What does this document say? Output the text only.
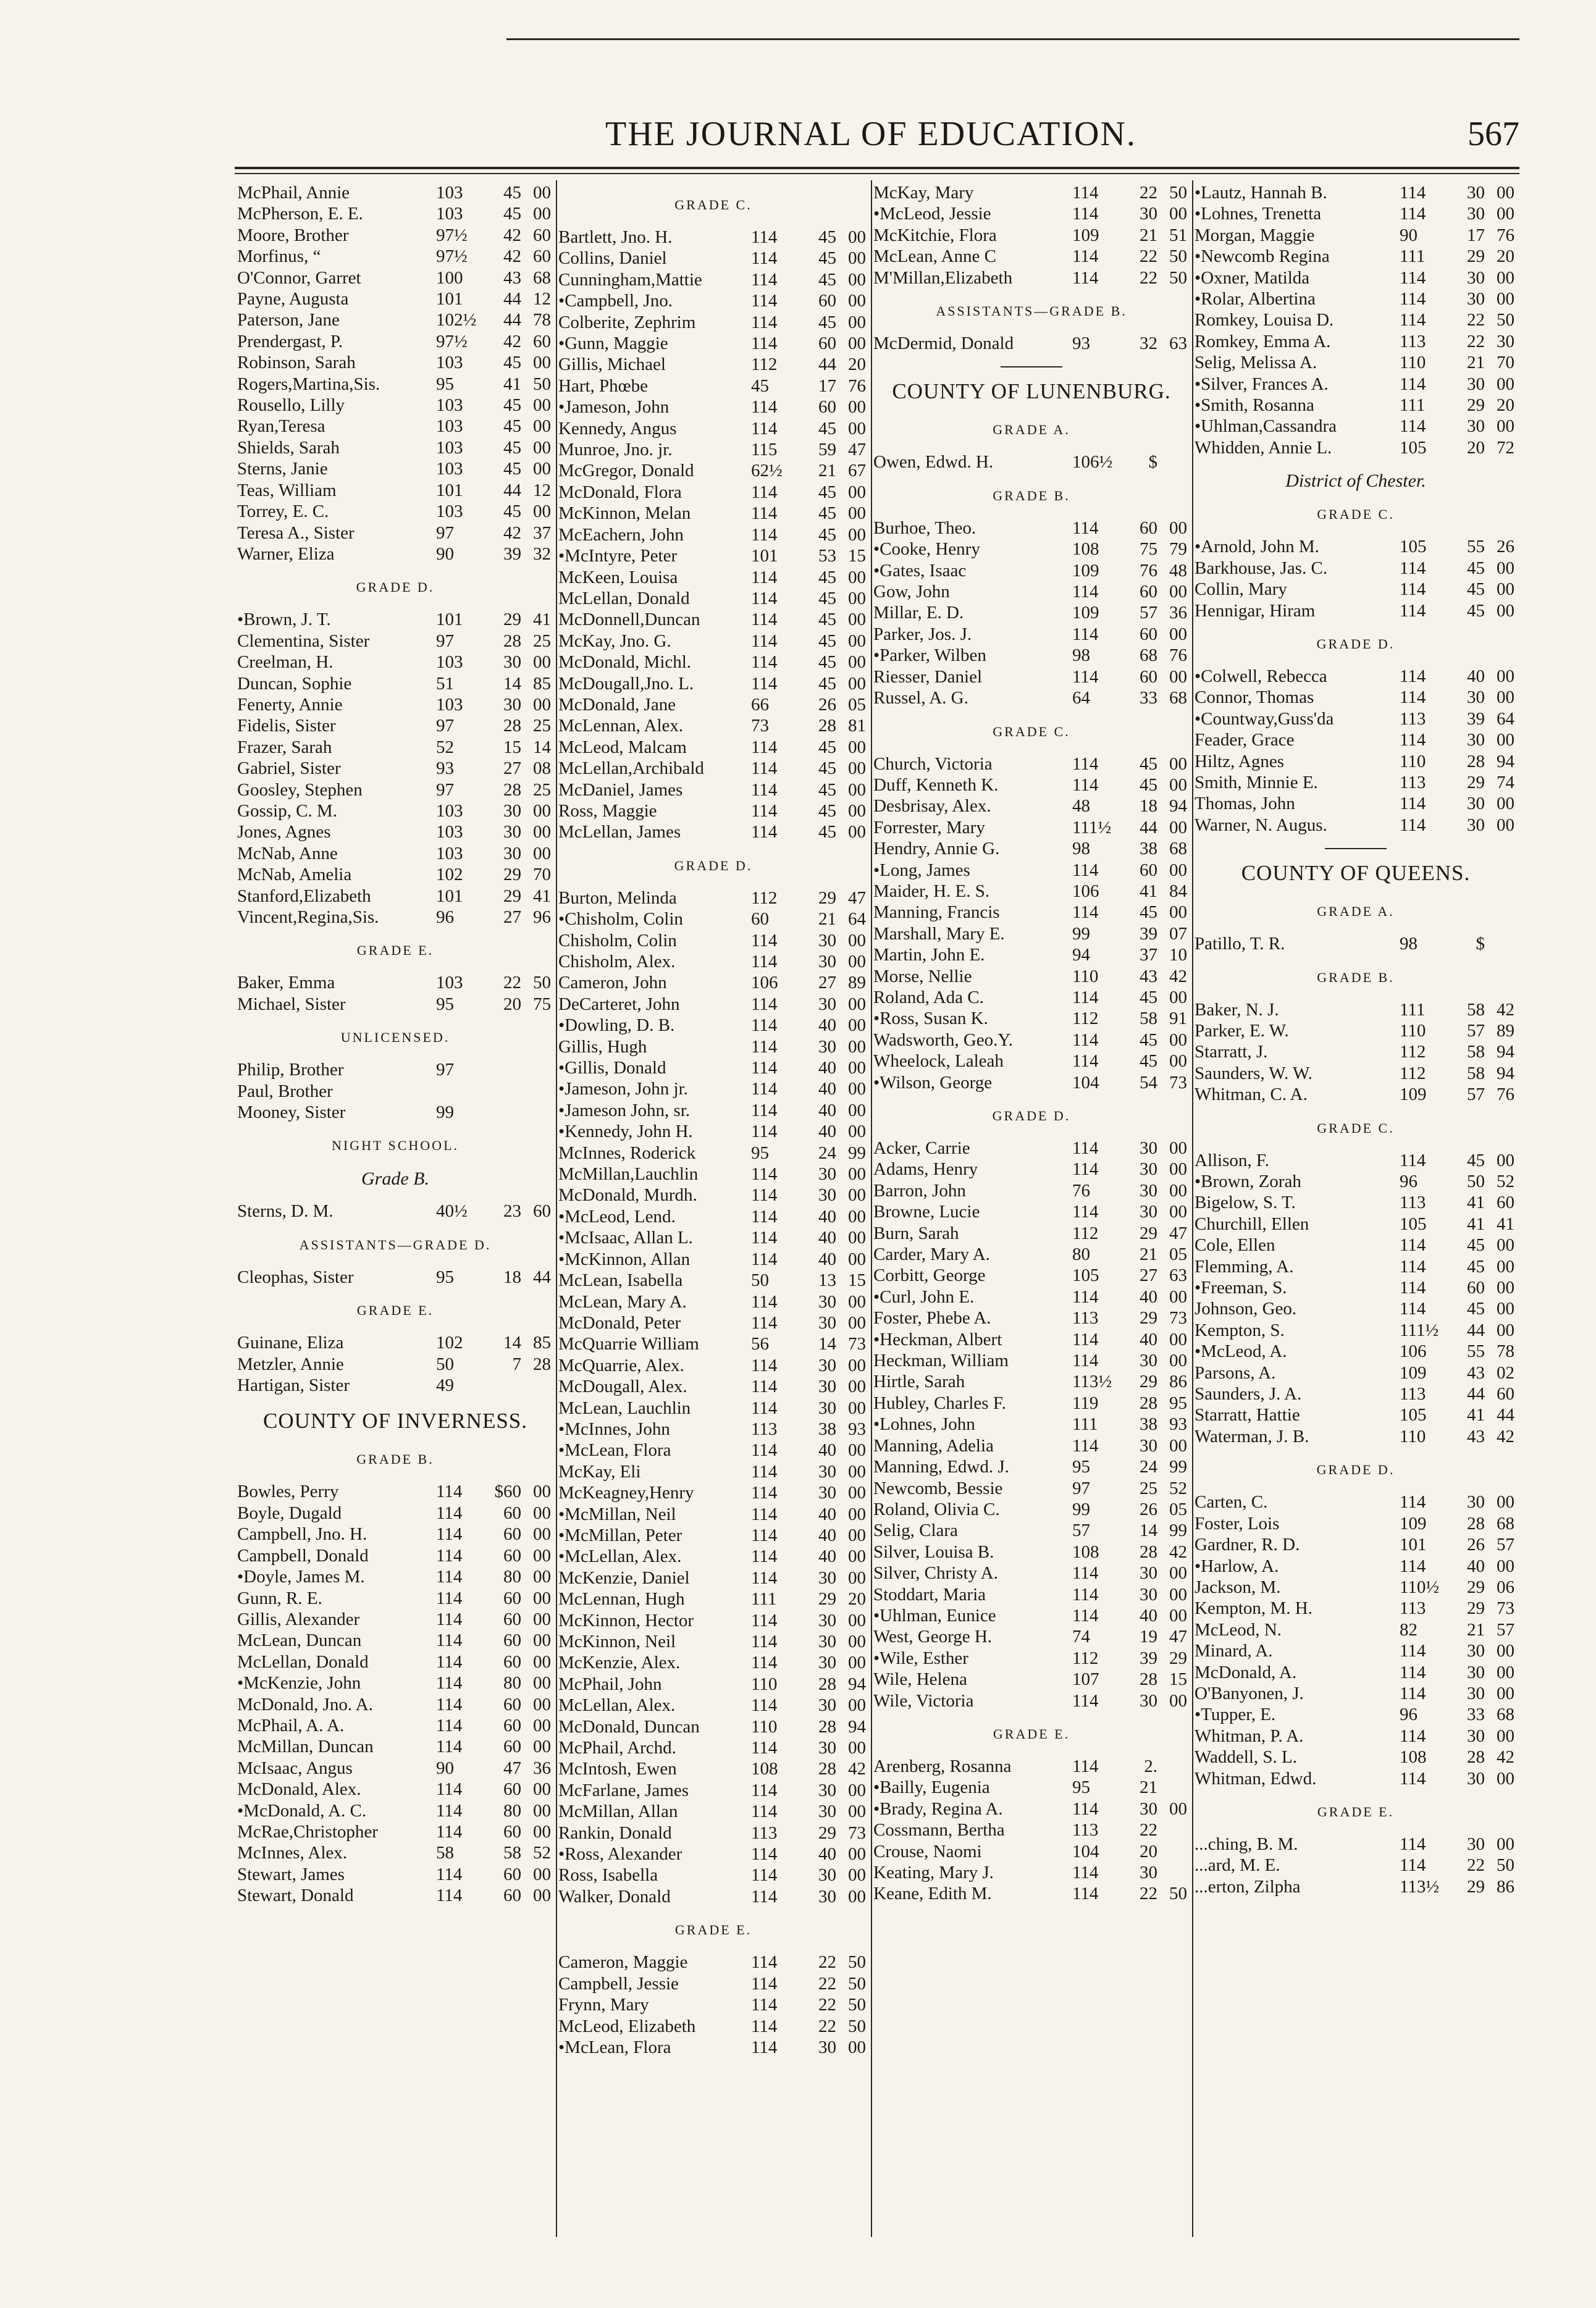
THE JOURNAL OF EDUCATION.	567
McPhail, Annie	103	45 00
McPherson, E. E.	103	45 00
Moore, Brother	97½	42 60
Morfinus, “	97½	42 60
O'Connor, Garret	100	43 68
Payne, Augusta	101	44 12
Paterson, Jane	102½	44 78
Prendergast, P.	97½	42 60
Robinson, Sarah	103	45 00
Rogers,Martina,Sis.	95	41 50
Rousello, Lilly	103	45 00
Ryan,Teresa	103	45 00
Shields, Sarah	103	45 00
Sterns, Janie	103	45 00
Teas, William	101	44 12
Torrey, E. C.	103	45 00
Teresa A., Sister	97	42 37
Warner, Eliza	90	39 32
GRADE D.
•Brown, J. T.	101	29 41
Clementina, Sister	97	28 25
Creelman, H.	103	30 00
Duncan, Sophie	51	14 85
Fenerty, Annie	103	30 00
Fidelis, Sister	97	28 25
Frazer, Sarah	52	15 14
Gabriel, Sister	93	27 08
Goosley, Stephen	97	28 25
Gossip, C. M.	103	30 00
Jones, Agnes	103	30 00
McNab, Anne	103	30 00
McNab, Amelia	102	29 70
Stanford,Elizabeth	101	29 41
Vincent,Regina,Sis.	96	27 96
GRADE E.
Baker, Emma	103	22 50
Michael, Sister	95	20 75
UNLICENSED.
Philip, Brother	97
Paul, Brother
Mooney, Sister	99
NIGHT SCHOOL.
Grade B.
Sterns, D. M.	40½	23 60
ASSISTANTS—GRADE D.
Cleophas, Sister	95	18 44
GRADE E.
Guinane, Eliza	102	14 85
Metzler, Annie	50	7 28
Hartigan, Sister	49
COUNTY OF INVERNESS.
GRADE B.
Bowles, Perry	114	$60 00
Boyle, Dugald	114	60 00
Campbell, Jno. H.	114	60 00
Campbell, Donald	114	60 00
•Doyle, James M.	114	80 00
Gunn, R. E.	114	60 00
Gillis, Alexander	114	60 00
McLean, Duncan	114	60 00
McLellan, Donald	114	60 00
•McKenzie, John	114	80 00
McDonald, Jno. A.	114	60 00
McPhail, A. A.	114	60 00
McMillan, Duncan	114	60 00
McIsaac, Angus	90	47 36
McDonald, Alex.	114	60 00
•McDonald, A. C.	114	80 00
McRae,Christopher	114	60 00
McInnes, Alex.	58	58 52
Stewart, James	114	60 00
Stewart, Donald	114	60 00
GRADE C.
Bartlett, Jno. H.	114	45 00
Collins, Daniel	114	45 00
Cunningham,Mattie	114	45 00
•Campbell, Jno.	114	60 00
Colberite, Zephrim	114	45 00
•Gunn, Maggie	114	60 00
Gillis, Michael	112	44 20
Hart, Phœbe	45	17 76
•Jameson, John	114	60 00
Kennedy, Angus	114	45 00
Munroe, Jno. jr.	115	59 47
McGregor, Donald	62½	21 67
McDonald, Flora	114	45 00
McKinnon, Melan	114	45 00
McEachern, John	114	45 00
•McIntyre, Peter	101	53 15
McKeen, Louisa	114	45 00
McLellan, Donald	114	45 00
McDonnell,Duncan	114	45 00
McKay, Jno. G.	114	45 00
McDonald, Michl.	114	45 00
McDougall,Jno. L.	114	45 00
McDonald, Jane	66	26 05
McLennan, Alex.	73	28 81
McLeod, Malcam	114	45 00
McLellan,Archibald	114	45 00
McDaniel, James	114	45 00
Ross, Maggie	114	45 00
McLellan, James	114	45 00
GRADE D.
Burton, Melinda	112	29 47
•Chisholm, Colin	60	21 64
Chisholm, Colin	114	30 00
Chisholm, Alex.	114	30 00
Cameron, John	106	27 89
DeCarteret, John	114	30 00
•Dowling, D. B.	114	40 00
Gillis, Hugh	114	30 00
•Gillis, Donald	114	40 00
•Jameson, John jr.	114	40 00
•Jameson John, sr.	114	40 00
•Kennedy, John H.	114	40 00
McInnes, Roderick	95	24 99
McMillan,Lauchlin	114	30 00
McDonald, Murdh.	114	30 00
•McLeod, Lend.	114	40 00
•McIsaac, Allan L.	114	40 00
•McKinnon, Allan	114	40 00
McLean, Isabella	50	13 15
McLean, Mary A.	114	30 00
McDonald, Peter	114	30 00
McQuarrie William	56	14 73
McQuarrie, Alex.	114	30 00
McDougall, Alex.	114	30 00
McLean, Lauchlin	114	30 00
•McInnes, John	113	38 93
•McLean, Flora	114	40 00
McKay, Eli	114	30 00
McKeagney,Henry	114	30 00
•McMillan, Neil	114	40 00
•McMillan, Peter	114	40 00
•McLellan, Alex.	114	40 00
McKenzie, Daniel	114	30 00
McLennan, Hugh	111	29 20
McKinnon, Hector	114	30 00
McKinnon, Neil	114	30 00
McKenzie, Alex.	114	30 00
McPhail, John	110	28 94
McLellan, Alex.	114	30 00
McDonald, Duncan	110	28 94
McPhail, Archd.	114	30 00
McIntosh, Ewen	108	28 42
McFarlane, James	114	30 00
McMillan, Allan	114	30 00
Rankin, Donald	113	29 73
•Ross, Alexander	114	40 00
Ross, Isabella	114	30 00
Walker, Donald	114	30 00
GRADE E.
Cameron, Maggie	114	22 50
Campbell, Jessie	114	22 50
Frynn, Mary	114	22 50
McLeod, Elizabeth	114	22 50
•McLean, Flora	114	30 00
McKay, Mary	114	22 50
•McLeod, Jessie	114	30 00
McKitchie, Flora	109	21 51
McLean, Anne C	114	22 50
M'Millan,Elizabeth	114	22 50
ASSISTANTS—GRADE B.
McDermid, Donald	93	32 63
COUNTY OF LUNENBURG.
GRADE A.
Owen, Edwd. H.	106½	$
GRADE B.
Burhoe, Theo.	114	60 00
•Cooke, Henry	108	75 79
•Gates, Isaac	109	76 48
Gow, John	114	60 00
Millar, E. D.	109	57 36
Parker, Jos. J.	114	60 00
•Parker, Wilben	98	68 76
Riesser, Daniel	114	60 00
Russel, A. G.	64	33 68
GRADE C.
Church, Victoria	114	45 00
Duff, Kenneth K.	114	45 00
Desbrisay, Alex.	48	18 94
Forrester, Mary	111½	44 00
Hendry, Annie G.	98	38 68
•Long, James	114	60 00
Maider, H. E. S.	106	41 84
Manning, Francis	114	45 00
Marshall, Mary E.	99	39 07
Martin, John E.	94	37 10
Morse, Nellie	110	43 42
Roland, Ada C.	114	45 00
•Ross, Susan K.	112	58 91
Wadsworth, Geo.Y.	114	45 00
Wheelock, Laleah	114	45 00
•Wilson, George	104	54 73
GRADE D.
Acker, Carrie	114	30 00
Adams, Henry	114	30 00
Barron, John	76	30 00
Browne, Lucie	114	30 00
Burn, Sarah	112	29 47
Carder, Mary A.	80	21 05
Corbitt, George	105	27 63
•Curl, John E.	114	40 00
Foster, Phebe A.	113	29 73
•Heckman, Albert	114	40 00
Heckman, William	114	30 00
Hirtle, Sarah	113½	29 86
Hubley, Charles F.	119	28 95
•Lohnes, John	111	38 93
Manning, Adelia	114	30 00
Manning, Edwd. J.	95	24 99
Newcomb, Bessie	97	25 52
Roland, Olivia C.	99	26 05
Selig, Clara	57	14 99
Silver, Louisa B.	108	28 42
Silver, Christy A.	114	30 00
Stoddart, Maria	114	30 00
•Uhlman, Eunice	114	40 00
West, George H.	74	19 47
•Wile, Esther	112	39 29
Wile, Helena	107	28 15
Wile, Victoria	114	30 00
GRADE E.
Arenberg, Rosanna	114	2.
•Bailly, Eugenia	95	21
•Brady, Regina A.	114	30 00
Cossmann, Bertha	113	22
Crouse, Naomi	104	20
Keating, Mary J.	114	30
Keane, Edith M.	114	22 50
•Lautz, Hannah B.	114	30 00
•Lohnes, Trenetta	114	30 00
Morgan, Maggie	90	17 76
•Newcomb Regina	111	29 20
•Oxner, Matilda	114	30 00
•Rolar, Albertina	114	30 00
Romkey, Louisa D.	114	22 50
Romkey, Emma A.	113	22 30
Selig, Melissa A.	110	21 70
•Silver, Frances A.	114	30 00
•Smith, Rosanna	111	29 20
•Uhlman,Cassandra	114	30 00
Whidden, Annie L.	105	20 72
District of Chester.
GRADE C.
•Arnold, John M.	105	55 26
Barkhouse, Jas. C.	114	45 00
Collin, Mary	114	45 00
Hennigar, Hiram	114	45 00
GRADE D.
•Colwell, Rebecca	114	40 00
Connor, Thomas	114	30 00
•Countway,Guss'da	113	39 64
Feader, Grace	114	30 00
Hiltz, Agnes	110	28 94
Smith, Minnie E.	113	29 74
Thomas, John	114	30 00
Warner, N. Augus.	114	30 00
COUNTY OF QUEENS.
GRADE A.
Patillo, T. R.	98	$
GRADE B.
Baker, N. J.	111	58 42
Parker, E. W.	110	57 89
Starratt, J.	112	58 94
Saunders, W. W.	112	58 94
Whitman, C. A.	109	57 76
GRADE C.
Allison, F.	114	45 00
•Brown, Zorah	96	50 52
Bigelow, S. T.	113	41 60
Churchill, Ellen	105	41 41
Cole, Ellen	114	45 00
Flemming, A.	114	45 00
•Freeman, S.	114	60 00
Johnson, Geo.	114	45 00
Kempton, S.	111½	44 00
•McLeod, A.	106	55 78
Parsons, A.	109	43 02
Saunders, J. A.	113	44 60
Starratt, Hattie	105	41 44
Waterman, J. B.	110	43 42
GRADE D.
Carten, C.	114	30 00
Foster, Lois	109	28 68
Gardner, R. D.	101	26 57
•Harlow, A.	114	40 00
Jackson, M.	110½	29 06
Kempton, M. H.	113	29 73
McLeod, N.	82	21 57
Minard, A.	114	30 00
McDonald, A.	114	30 00
O'Banyonen, J.	114	30 00
•Tupper, E.	96	33 68
Whitman, P. A.	114	30 00
Waddell, S. L.	108	28 42
Whitman, Edwd.	114	30 00
GRADE E.
...ching, B. M.	114	30 00
...ard, M. E.	114	22 50
...erton, Zilpha	113½	29 86
